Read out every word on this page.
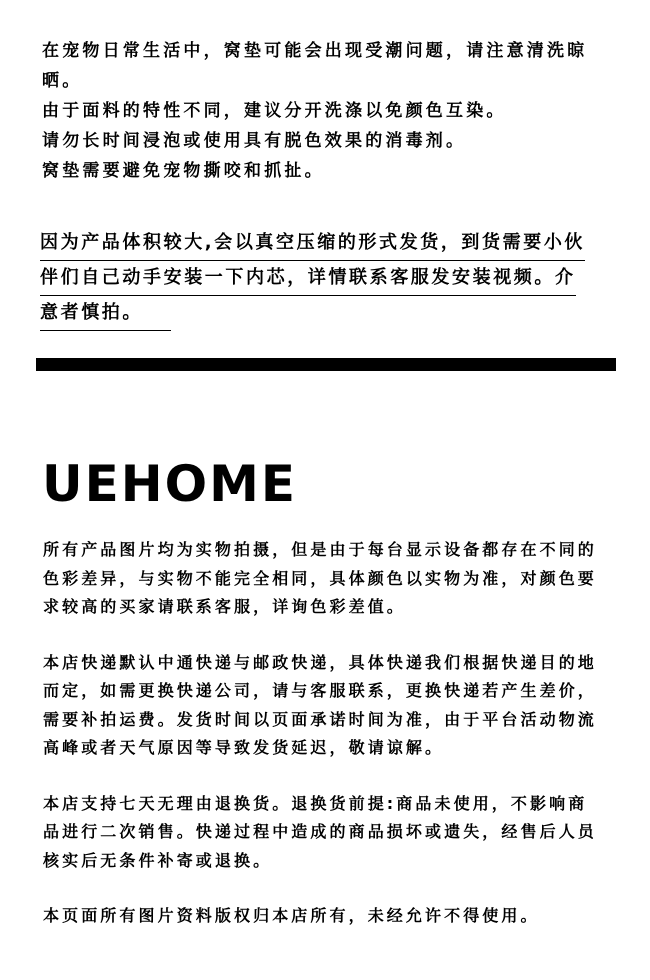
在宠物日常生活中，窝垫可能会出现受潮问题，请注意清洗晾
晒。
由于面料的特性不同，建议分开洗涤以免颜色互染。
请勿长时间浸泡或使用具有脱色效果的消毒剂。
窝垫需要避免宠物撕咬和抓扯。
因为产品体积较大,会以真空压缩的形式发货，到货需要小伙
伴们自己动手安装一下内芯，详情联系客服发安装视频。介
意者慎拍。
UEHOME
所有产品图片均为实物拍摄，但是由于每台显示设备都存在不同的
色彩差异，与实物不能完全相同，具体颜色以实物为准，对颜色要
求较高的买家请联系客服，详询色彩差值。
本店快递默认中通快递与邮政快递，具体快递我们根据快递目的地
而定，如需更换快递公司，请与客服联系，更换快递若产生差价，
需要补拍运费。发货时间以页面承诺时间为准，由于平台活动物流
高峰或者天气原因等导致发货延迟，敬请谅解。
本店支持七天无理由退换货。退换货前提:商品未使用，不影响商
品进行二次销售。快递过程中造成的商品损坏或遗失，经售后人员
核实后无条件补寄或退换。
本页面所有图片资料版权归本店所有，未经允许不得使用。
